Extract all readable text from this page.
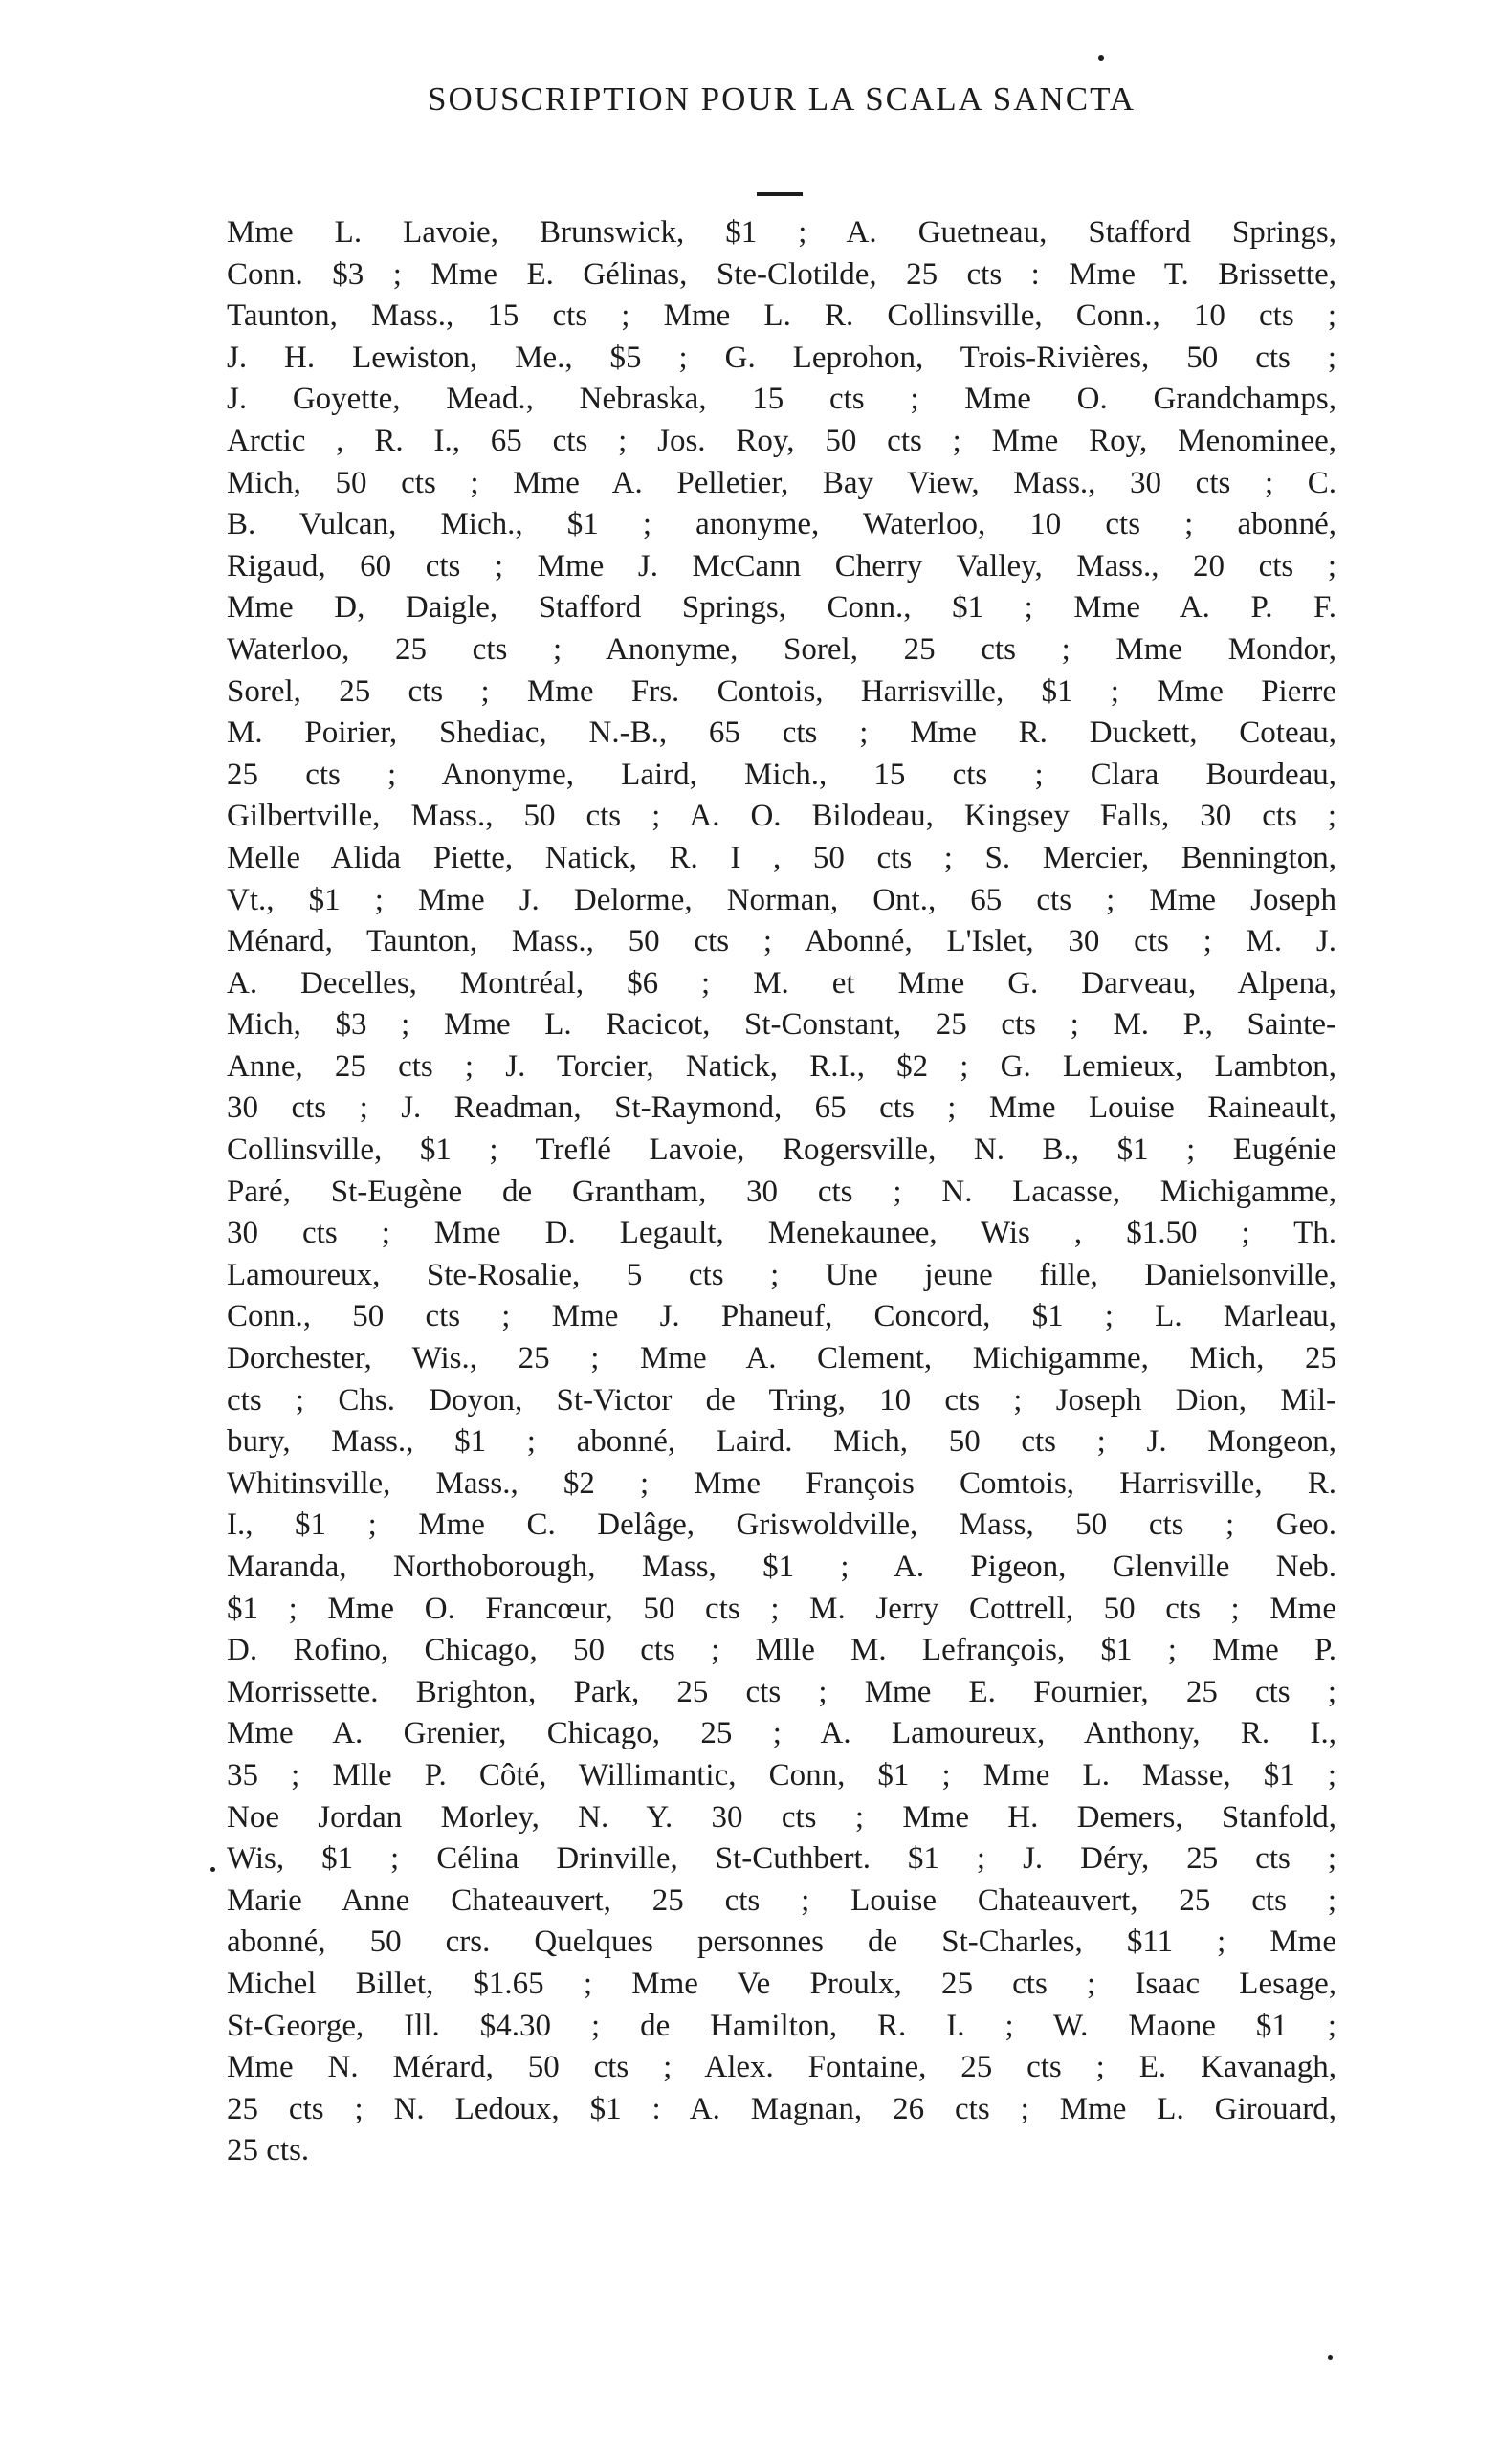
SOUSCRIPTION POUR LA SCALA SANCTA
Mme L. Lavoie, Brunswick, $1 ; A. Guetneau, Stafford Springs,
Conn. $3 ; Mme E. Gélinas, Ste-Clotilde, 25 cts : Mme T. Brissette,
Taunton, Mass., 15 cts ; Mme L. R. Collinsville, Conn., 10 cts ;
J. H. Lewiston, Me., $5 ; G. Leprohon, Trois-Rivières, 50 cts ;
J. Goyette, Mead., Nebraska, 15 cts ; Mme O. Grandchamps,
Arctic , R. I., 65 cts ; Jos. Roy, 50 cts ; Mme Roy, Menominee,
Mich, 50 cts ; Mme A. Pelletier, Bay View, Mass., 30 cts ; C.
B. Vulcan, Mich., $1 ; anonyme, Waterloo, 10 cts ; abonné,
Rigaud, 60 cts ; Mme J. McCann Cherry Valley, Mass., 20 cts ;
Mme D, Daigle, Stafford Springs, Conn., $1 ; Mme A. P. F.
Waterloo, 25 cts ; Anonyme, Sorel, 25 cts ; Mme Mondor,
Sorel, 25 cts ; Mme Frs. Contois, Harrisville, $1 ; Mme Pierre
M. Poirier, Shediac, N.-B., 65 cts ; Mme R. Duckett, Coteau,
25 cts ; Anonyme, Laird, Mich., 15 cts ; Clara Bourdeau,
Gilbertville, Mass., 50 cts ; A. O. Bilodeau, Kingsey Falls, 30 cts ;
Melle Alida Piette, Natick, R. I , 50 cts ; S. Mercier, Bennington,
Vt., $1 ; Mme J. Delorme, Norman, Ont., 65 cts ; Mme Joseph
Ménard, Taunton, Mass., 50 cts ; Abonné, L'Islet, 30 cts ; M. J.
A. Decelles, Montréal, $6 ; M. et Mme G. Darveau, Alpena,
Mich, $3 ; Mme L. Racicot, St-Constant, 25 cts ; M. P., Sainte-
Anne, 25 cts ; J. Torcier, Natick, R.I., $2 ; G. Lemieux, Lambton,
30 cts ; J. Readman, St-Raymond, 65 cts ; Mme Louise Raineault,
Collinsville, $1 ; Treflé Lavoie, Rogersville, N. B., $1 ; Eugénie
Paré, St-Eugène de Grantham, 30 cts ; N. Lacasse, Michigamme,
30 cts ; Mme D. Legault, Menekaunee, Wis , $1.50 ; Th.
Lamoureux, Ste-Rosalie, 5 cts ; Une jeune fille, Danielsonville,
Conn., 50 cts ; Mme J. Phaneuf, Concord, $1 ; L. Marleau,
Dorchester, Wis., 25 ; Mme A. Clement, Michigamme, Mich, 25
cts ; Chs. Doyon, St-Victor de Tring, 10 cts ; Joseph Dion, Mil-
bury, Mass., $1 ; abonné, Laird. Mich, 50 cts ; J. Mongeon,
Whitinsville, Mass., $2 ; Mme François Comtois, Harrisville, R.
I., $1 ; Mme C. Delâge, Griswoldville, Mass, 50 cts ; Geo.
Maranda, Northoborough, Mass, $1 ; A. Pigeon, Glenville Neb.
$1 ; Mme O. Francœur, 50 cts ; M. Jerry Cottrell, 50 cts ; Mme
D. Rofino, Chicago, 50 cts ; Mlle M. Lefrançois, $1 ; Mme P.
Morrissette. Brighton, Park, 25 cts ; Mme E. Fournier, 25 cts ;
Mme A. Grenier, Chicago, 25 ; A. Lamoureux, Anthony, R. I.,
35 ; Mlle P. Côté, Willimantic, Conn, $1 ; Mme L. Masse, $1 ;
Noe Jordan Morley, N. Y. 30 cts ; Mme H. Demers, Stanfold,
Wis, $1 ; Célina Drinville, St-Cuthbert. $1 ; J. Déry, 25 cts ;
Marie Anne Chateauvert, 25 cts ; Louise Chateauvert, 25 cts ;
abonné, 50 crs. Quelques personnes de St-Charles, $11 ; Mme
Michel Billet, $1.65 ; Mme Ve Proulx, 25 cts ; Isaac Lesage,
St-George, Ill. $4.30 ; de Hamilton, R. I. ; W. Maone $1 ;
Mme N. Mérard, 50 cts ; Alex. Fontaine, 25 cts ; E. Kavanagh,
25 cts ; N. Ledoux, $1 : A. Magnan, 26 cts ; Mme L. Girouard,
25 cts.
